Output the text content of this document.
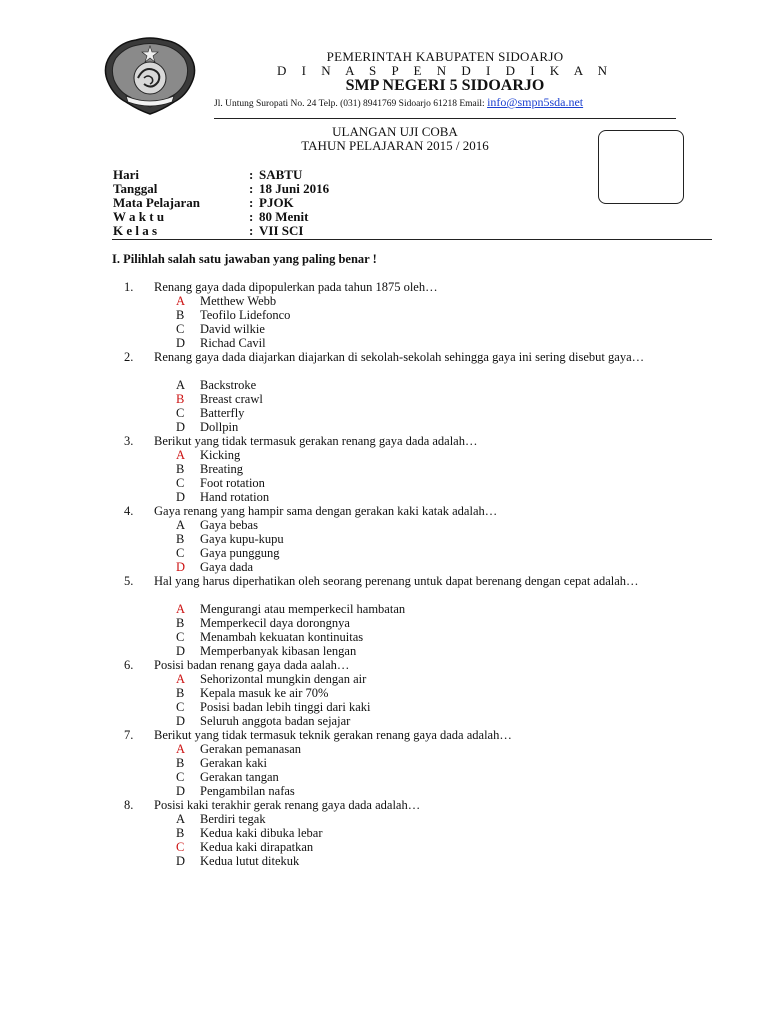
PEMERINTAH KABUPATEN SIDOARJO
D I N A S P E N D I D I K A N
SMP NEGERI 5 SIDOARJO
Jl. Untung Suropati No. 24 Telp. (031) 8941769 Sidoarjo 61218 Email: info@smpn5sda.net
ULANGAN UJI COBA
TAHUN PELAJARAN 2015 / 2016
Hari	: SABTU
Tanggal	: 18 Juni 2016
Mata Pelajaran	: PJOK
W a k t u	: 80 Menit
K e l a s	: VII SCI
I. Pilihlah salah satu jawaban yang paling benar !
1. Renang gaya dada dipopulerkan pada tahun 1875 oleh…
A Metthew Webb
B Teofilo Lidefonco
C David wilkie
D Richad Cavil
2. Renang gaya dada diajarkan diajarkan di sekolah-sekolah sehingga gaya ini sering disebut gaya…
A Backstroke
B Breast crawl
C Batterfly
D Dollpin
3. Berikut yang tidak termasuk gerakan renang gaya dada adalah…
A Kicking
B Breating
C Foot rotation
D Hand rotation
4. Gaya renang yang hampir sama dengan gerakan kaki katak adalah…
A Gaya bebas
B Gaya kupu-kupu
C Gaya punggung
D Gaya dada
5. Hal yang harus diperhatikan oleh seorang perenang untuk dapat berenang dengan cepat adalah…
A Mengurangi atau memperkecil hambatan
B Memperkecil daya dorongnya
C Menambah kekuatan kontinuitas
D Memperbanyak kibasan lengan
6. Posisi badan renang gaya dada aalah…
A Sehorizontal mungkin dengan air
B Kepala masuk ke air 70%
C Posisi badan lebih tinggi dari kaki
D Seluruh anggota badan sejajar
7. Berikut yang tidak termasuk teknik gerakan renang gaya dada adalah…
A Gerakan pemanasan
B Gerakan kaki
C Gerakan tangan
D Pengambilan nafas
8. Posisi kaki terakhir gerak renang gaya dada adalah…
A Berdiri tegak
B Kedua kaki dibuka lebar
C Kedua kaki dirapatkan
D Kedua lutut ditekuk
